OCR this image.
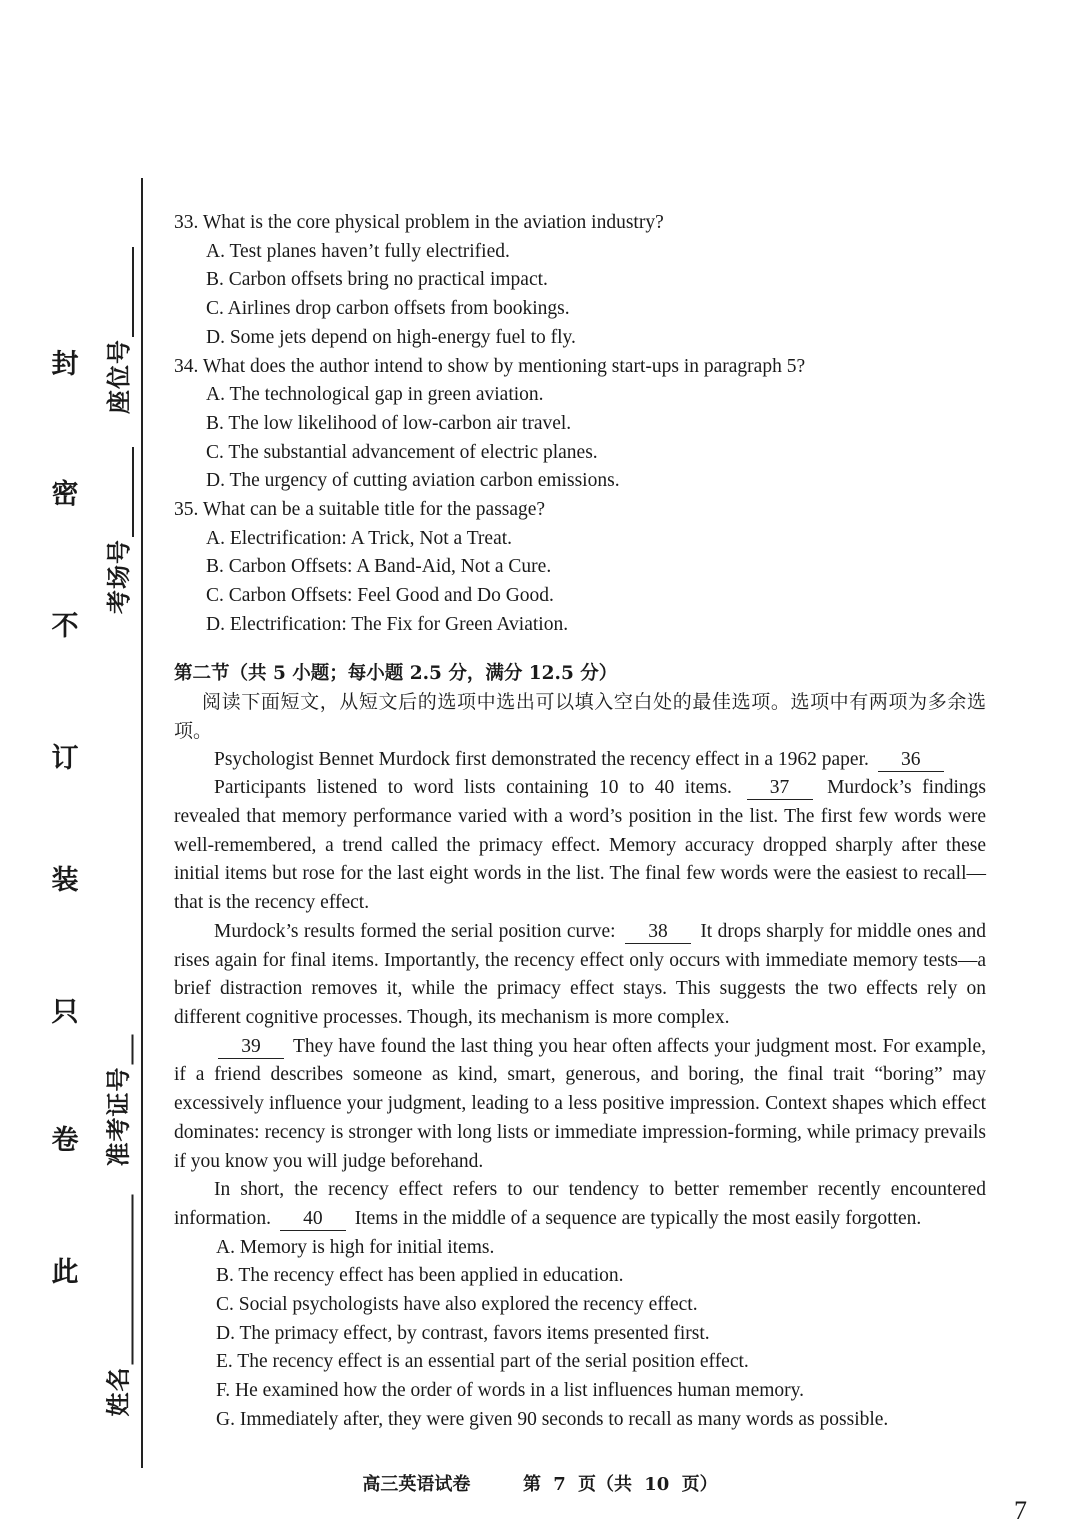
封
密
不
订
装
只
卷
此
座位号
考场号
准考证号
姓名

33. What is the core physical problem in the aviation industry?

A. Test planes haven’t fully electrified.

B. Carbon offsets bring no practical impact.

C. Airlines drop carbon offsets from bookings.

D. Some jets depend on high-energy fuel to fly.

34. What does the author intend to show by mentioning start-ups in paragraph 5?

A. The technological gap in green aviation.

B. The low likelihood of low-carbon air travel.

C. The substantial advancement of electric planes.

D. The urgency of cutting aviation carbon emissions.

35. What can be a suitable title for the passage?

A. Electrification: A Trick, Not a Treat.

B. Carbon Offsets: A Band-Aid, Not a Cure.

C. Carbon Offsets: Feel Good and Do Good.

D. Electrification: The Fix for Green Aviation.

第二节（共 5 小题；每小题 2.5 分，满分 12.5 分）

阅读下面短文，从短文后的选项中选出可以填入空白处的最佳选项。选项中有两项为多余选项。

Psychologist Bennet Murdock first demonstrated the recency effect in a 1962 paper. 36

Participants listened to word lists containing 10 to 40 items. 37 Murdock’s findings revealed that memory performance varied with a word’s position in the list. The first few words were well-remembered, a trend called the primacy effect. Memory accuracy dropped sharply after these initial items but rose for the last eight words in the list. The final few words were the easiest to recall—that is the recency effect.

Murdock’s results formed the serial position curve: 38 It drops sharply for middle ones and rises again for final items. Importantly, the recency effect only occurs with immediate memory tests—a brief distraction removes it, while the primacy effect stays. This suggests the two effects rely on different cognitive processes. Though, its mechanism is more complex.

39 They have found the last thing you hear often affects your judgment most. For example, if a friend describes someone as kind, smart, generous, and boring, the final trait “boring” may excessively influence your judgment, leading to a less positive impression. Context shapes which effect dominates: recency is stronger with long lists or immediate impression-forming, while primacy prevails if you know you will judge beforehand.

In short, the recency effect refers to our tendency to better remember recently encountered information. 40 Items in the middle of a sequence are typically the most easily forgotten.

A. Memory is high for initial items.

B. The recency effect has been applied in education.

C. Social psychologists have also explored the recency effect.

D. The primacy effect, by contrast, favors items presented first.

E. The recency effect is an essential part of the serial position effect.

F. He examined how the order of words in a list influences human memory.

G. Immediately after, they were given 90 seconds to recall as many words as possible.

高三英语试卷	第 7 页（共 10 页）
7
